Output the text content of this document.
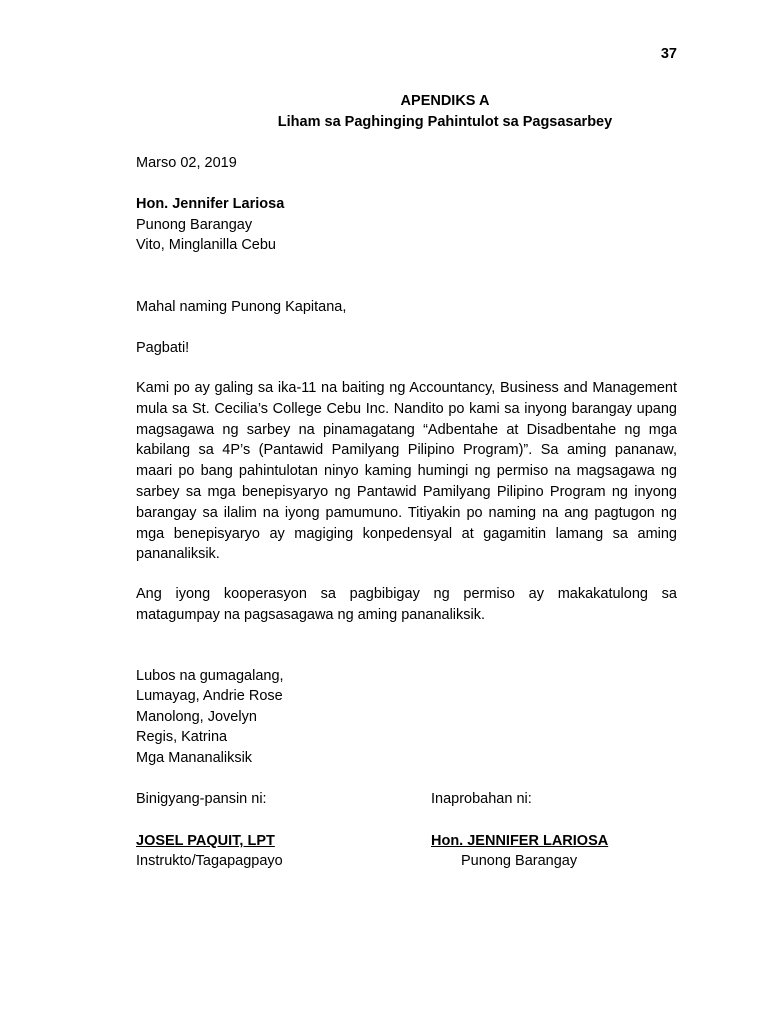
37
APENDIKS A
Liham sa Paghinging Pahintulot sa Pagsasarbey
Marso 02, 2019
Hon. Jennifer Lariosa
Punong Barangay
Vito, Minglanilla Cebu
Mahal naming Punong Kapitana,
Pagbati!
Kami po ay galing sa ika-11 na baiting ng Accountancy, Business and Management mula sa St. Cecilia’s College Cebu Inc. Nandito po kami sa inyong barangay upang magsagawa ng sarbey na pinamagatang “Adbentahe at Disadbentahe ng mga kabilang sa 4P’s (Pantawid Pamilyang Pilipino Program)”. Sa aming pananaw, maari po bang pahintulotan ninyo kaming humingi ng permiso na magsagawa ng sarbey sa mga benepisyaryo ng Pantawid Pamilyang Pilipino Program ng inyong barangay sa ilalim na iyong pamumuno. Titiyakin po naming na ang pagtugon ng mga benepisyaryo ay magiging konpedensyal at gagamitin lamang sa aming pananaliksik.
Ang iyong kooperasyon sa pagbibigay ng permiso ay makakatulong sa matagumpay na pagsasagawa ng aming pananaliksik.
Lubos na gumagalang,
Lumayag, Andrie Rose
Manolong, Jovelyn
Regis, Katrina
Mga Mananaliksik
Binigyang-pansin ni:	Inaprobahan ni:
JOSEL PAQUIT, LPT	Hon. JENNIFER LARIOSA
Instrukto/Tagapagpayo	Punong Barangay
